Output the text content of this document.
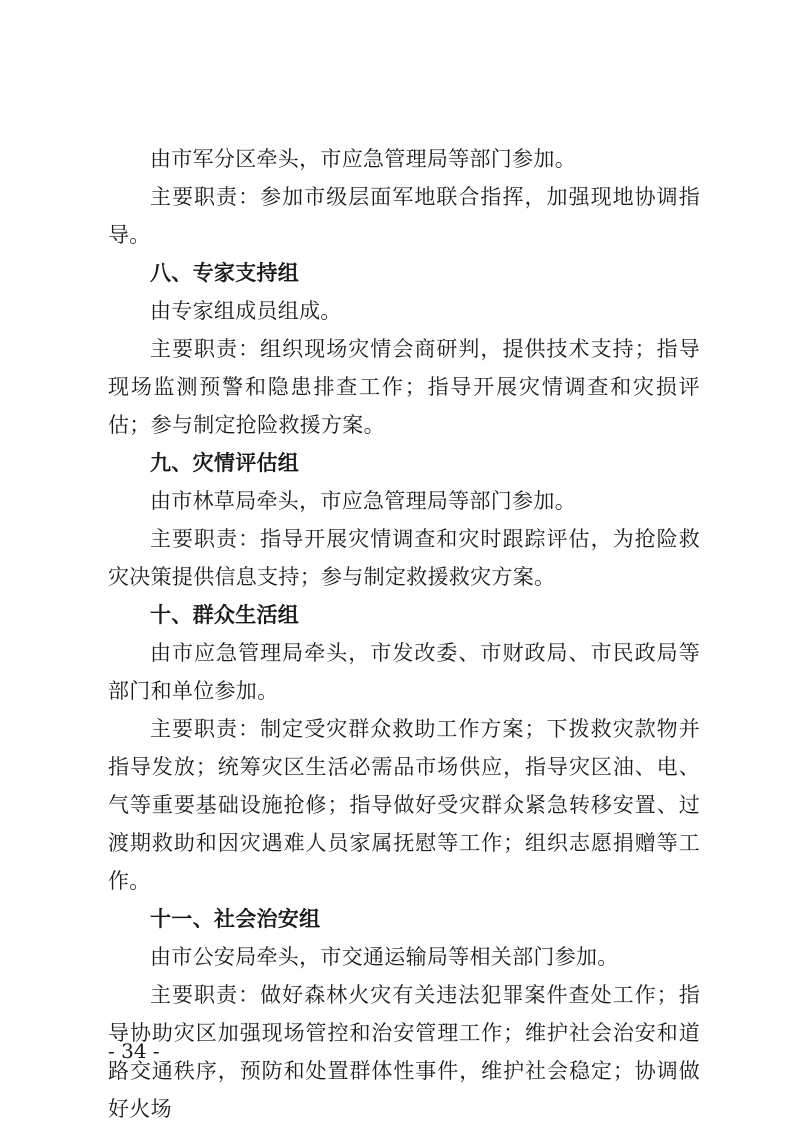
由市军分区牵头，市应急管理局等部门参加。

主要职责：参加市级层面军地联合指挥，加强现地协调指导。

八、专家支持组

由专家组成员组成。

主要职责：组织现场灾情会商研判，提供技术支持；指导现场监测预警和隐患排查工作；指导开展灾情调查和灾损评估；参与制定抢险救援方案。

九、灾情评估组

由市林草局牵头，市应急管理局等部门参加。

主要职责：指导开展灾情调查和灾时跟踪评估，为抢险救灾决策提供信息支持；参与制定救援救灾方案。

十、群众生活组

由市应急管理局牵头，市发改委、市财政局、市民政局等部门和单位参加。

主要职责：制定受灾群众救助工作方案；下拨救灾款物并指导发放；统筹灾区生活必需品市场供应，指导灾区油、电、气等重要基础设施抢修；指导做好受灾群众紧急转移安置、过渡期救助和因灾遇难人员家属抚慰等工作；组织志愿捐赠等工作。

十一、社会治安组

由市公安局牵头，市交通运输局等相关部门参加。

主要职责：做好森林火灾有关违法犯罪案件查处工作；指导协助灾区加强现场管控和治安管理工作；维护社会治安和道路交通秩序，预防和处置群体性事件，维护社会稳定；协调做好火场

- 34 -
